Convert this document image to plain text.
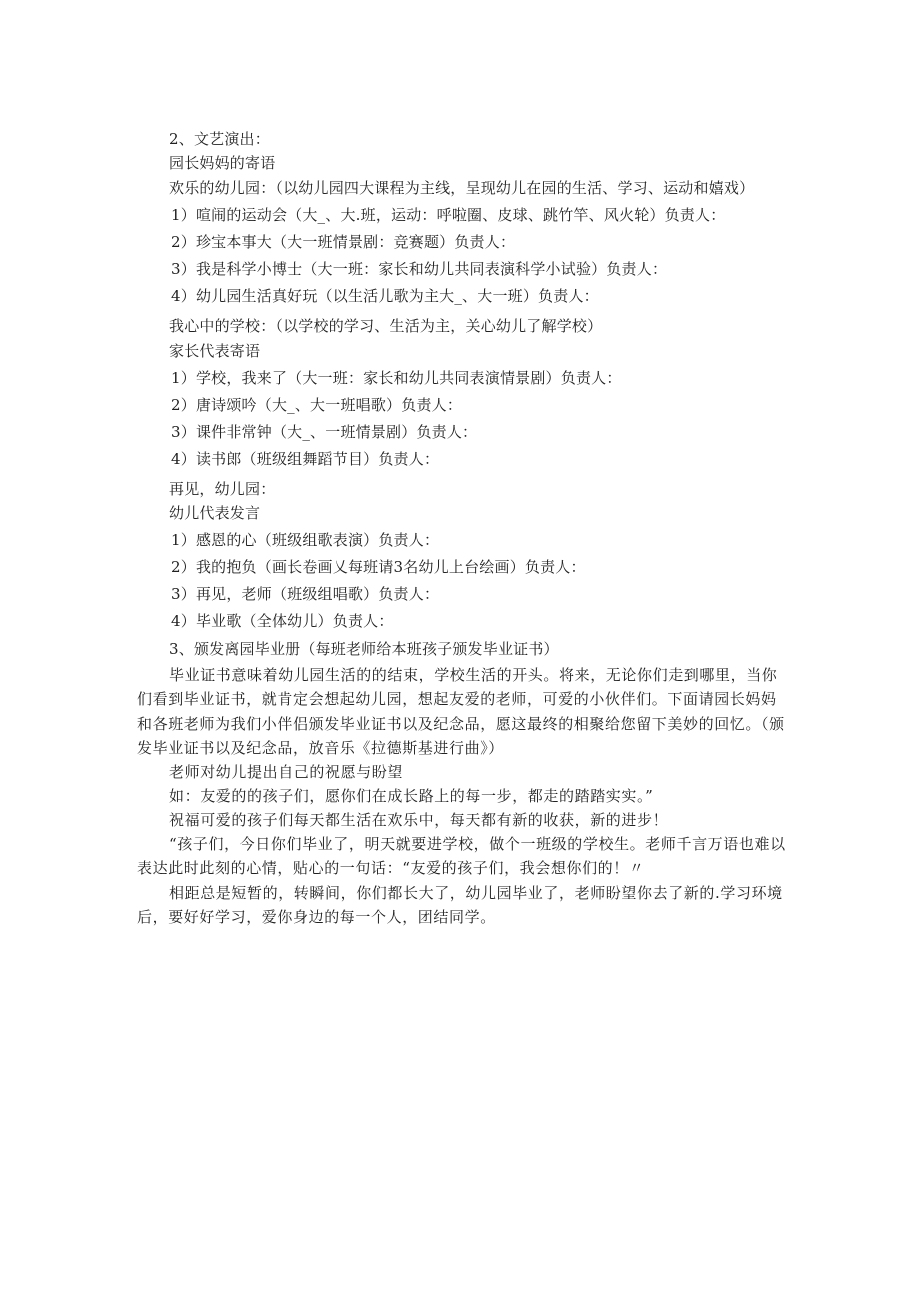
2、文艺演出：
园长妈妈的寄语
欢乐的幼儿园：（以幼儿园四大课程为主线，呈现幼儿在园的生活、学习、运动和嬉戏）
1）喧闹的运动会（大_、大.班，运动：呼啦圈、皮球、跳竹竿、风火轮）负责人：
2）珍宝本事大（大一班情景剧：竞赛题）负责人：
3）我是科学小博士（大一班：家长和幼儿共同表演科学小试验）负责人：
4）幼儿园生活真好玩（以生活儿歌为主大_、大一班）负责人：
我心中的学校：（以学校的学习、生活为主，关心幼儿了解学校）
家长代表寄语
1）学校，我来了（大一班：家长和幼儿共同表演情景剧）负责人：
2）唐诗颂吟（大_、大一班唱歌）负责人：
3）课件非常钟（大_、一班情景剧）负责人：
4）读书郎（班级组舞蹈节目）负责人：
再见，幼儿园：
幼儿代表发言
1）感恩的心（班级组歌表演）负责人：
2）我的抱负（画长卷画乂每班请3名幼儿上台绘画）负责人：
3）再见，老师（班级组唱歌）负责人：
4）毕业歌（全体幼儿）负责人：
3、颁发离园毕业册（每班老师给本班孩子颁发毕业证书）
毕业证书意味着幼儿园生活的的结束，学校生活的开头。将来，无论你们走到哪里，当你们看到毕业证书，就肯定会想起幼儿园，想起友爱的老师，可爱的小伙伴们。下面请园长妈妈和各班老师为我们小伴侣颁发毕业证书以及纪念品，愿这最终的相聚给您留下美妙的回忆。（颁发毕业证书以及纪念品，放音乐《拉德斯基进行曲》）
老师对幼儿提出自己的祝愿与盼望
如：友爱的的孩子们，愿你们在成长路上的每一步，都走的踏踏实实。”
祝福可爱的孩子们每天都生活在欢乐中，每天都有新的收获，新的进步！
“孩子们，今日你们毕业了，明天就要进学校，做个一班级的学校生。老师千言万语也难以表达此时此刻的心情，贴心的一句话：“友爱的孩子们，我会想你们的！〃
相距总是短暂的，转瞬间，你们都长大了，幼儿园毕业了，老师盼望你去了新的.学习环境后，要好好学习，爱你身边的每一个人，团结同学。
